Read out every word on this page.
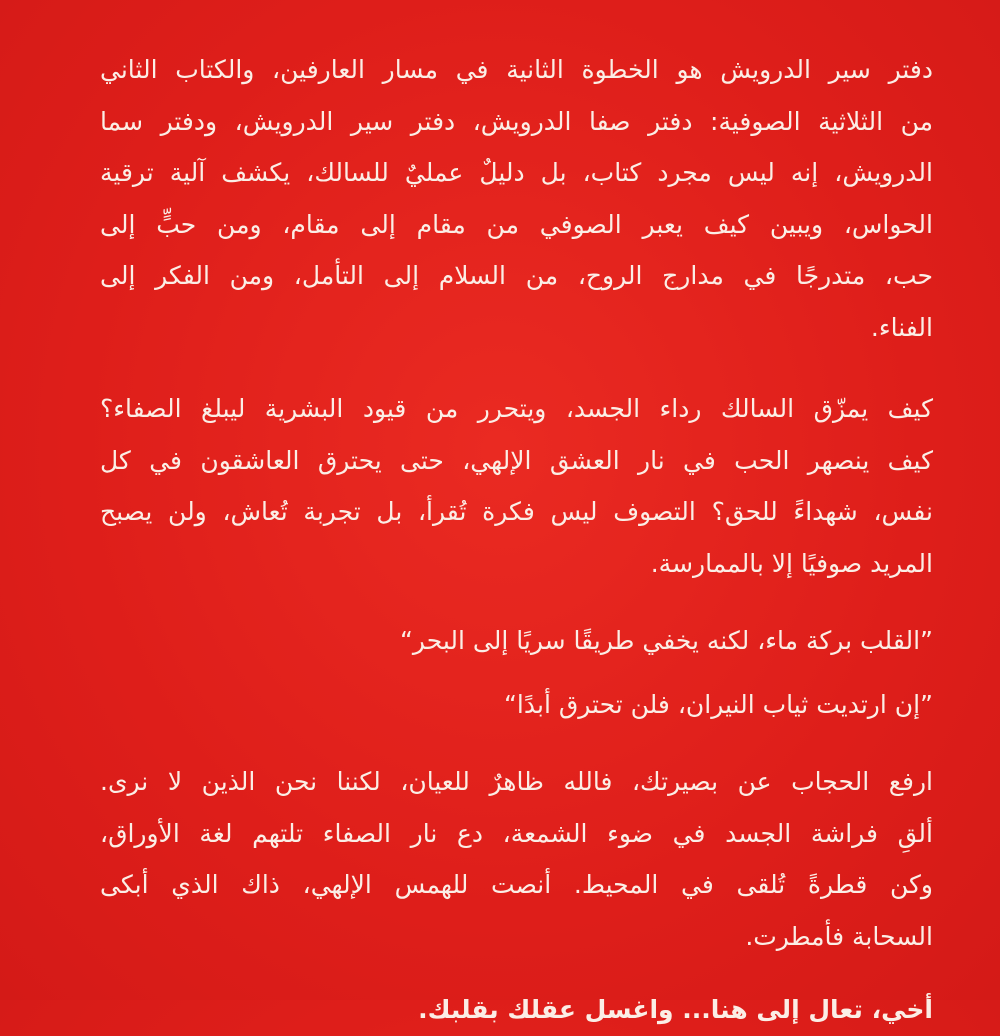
دفتر سير الدرويش هو الخطوة الثانية في مسار العارفين، والكتاب الثاني
من الثلاثية الصوفية: دفتر صفا الدرويش، دفتر سير الدرويش، ودفتر سما
الدرويش، إنه ليس مجرد كتاب، بل دليلٌ عمليٌ للسالك، يكشف آلية ترقية
الحواس، ويبين كيف يعبر الصوفي من مقام إلى مقام، ومن حبٍّ إلى
حب، متدرجًا في مدارج الروح، من السلام إلى التأمل، ومن الفكر إلى
الفناء.

كيف يمزّق السالك رداء الجسد، ويتحرر من قيود البشرية ليبلغ الصفاء؟
كيف ينصهر الحب في نار العشق الإلهي، حتى يحترق العاشقون في كل
نفس، شهداءً للحق؟ التصوف ليس فكرة تُقرأ، بل تجربة تُعاش، ولن يصبح
المريد صوفيًا إلا بالممارسة.

”القلب بركة ماء، لكنه يخفي طريقًا سريًا إلى البحر“

”إن ارتديت ثياب النيران، فلن تحترق أبدًا“

ارفع الحجاب عن بصيرتك، فالله ظاهرٌ للعيان، لكننا نحن الذين لا نرى.
ألقِ فراشة الجسد في ضوء الشمعة، دع نار الصفاء تلتهم لغة الأوراق،
وكن قطرةً تُلقى في المحيط. أنصت للهمس الإلهي، ذاك الذي أبكى
السحابة فأمطرت.

أخي، تعال إلى هنا... واغسل عقلك بقلبك.
